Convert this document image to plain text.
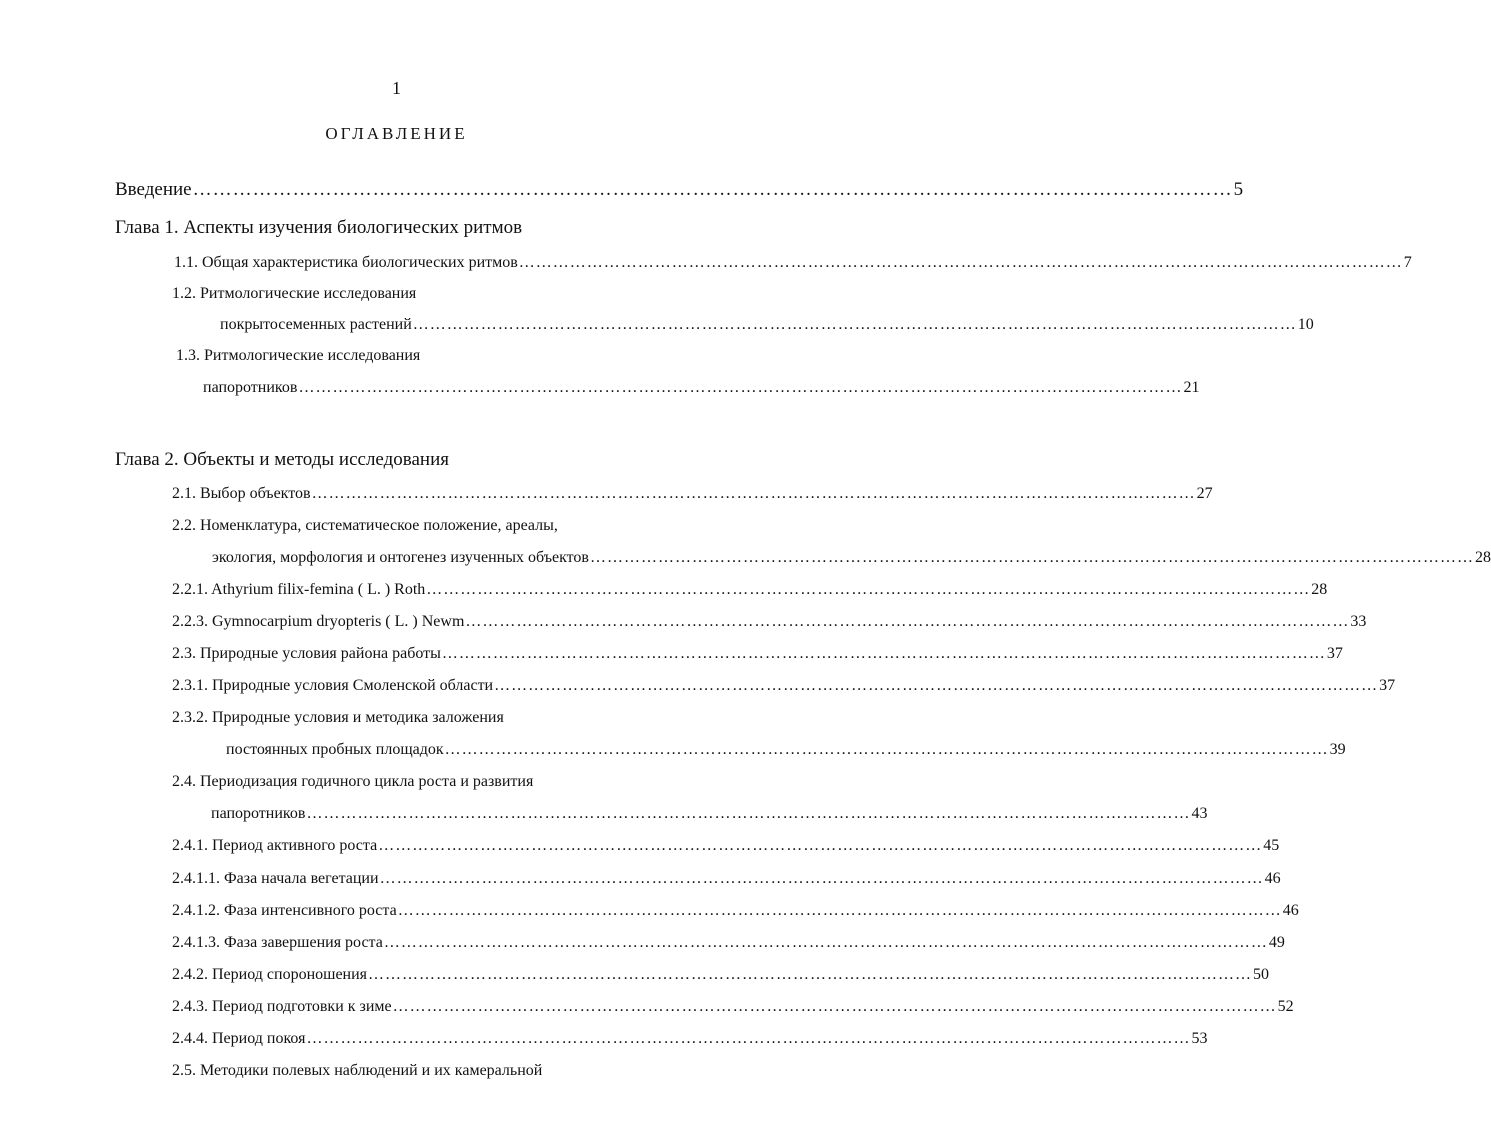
1
ОГЛАВЛЕНИЕ
Введение ………………………………………………………………………………………………………………………………………… 5
Глава 1. Аспекты изучения биологических ритмов
1.1. Общая характеристика биологических ритмов ………………………………………………………………………………………………………………………………………… 7
1.2. Ритмологические исследования
покрытосеменных растений ………………………………………………………………………………………………………………………………………… 10
1.3. Ритмологические исследования
папоротников ………………………………………………………………………………………………………………………………………… 21
Глава 2. Объекты и методы исследования
2.1. Выбор объектов ………………………………………………………………………………………………………………………………………… 27
2.2. Номенклатура, систематическое положение, ареалы,
экология, морфология и онтогенез изученных объектов ………………………………………………………………………………………………………………………………………… 28
2.2.1. Athyrium filix-femina ( L. ) Roth ………………………………………………………………………………………………………………………………………… 28
2.2.3. Gymnocarpium dryopteris ( L. ) Newm ………………………………………………………………………………………………………………………………………… 33
2.3. Природные условия района работы ………………………………………………………………………………………………………………………………………… 37
2.3.1. Природные условия Смоленской области ………………………………………………………………………………………………………………………………………… 37
2.3.2. Природные условия и методика заложения
постоянных пробных площадок ………………………………………………………………………………………………………………………………………… 39
2.4. Периодизация годичного цикла роста и развития
папоротников ………………………………………………………………………………………………………………………………………… 43
2.4.1. Период активного роста ………………………………………………………………………………………………………………………………………… 45
2.4.1.1. Фаза начала вегетации ………………………………………………………………………………………………………………………………………… 46
2.4.1.2. Фаза интенсивного роста ………………………………………………………………………………………………………………………………………… 46
2.4.1.3. Фаза завершения роста ………………………………………………………………………………………………………………………………………… 49
2.4.2. Период спороношения ………………………………………………………………………………………………………………………………………… 50
2.4.3. Период подготовки к зиме ………………………………………………………………………………………………………………………………………… 52
2.4.4. Период покоя ………………………………………………………………………………………………………………………………………… 53
2.5. Методики полевых наблюдений и их камеральной
